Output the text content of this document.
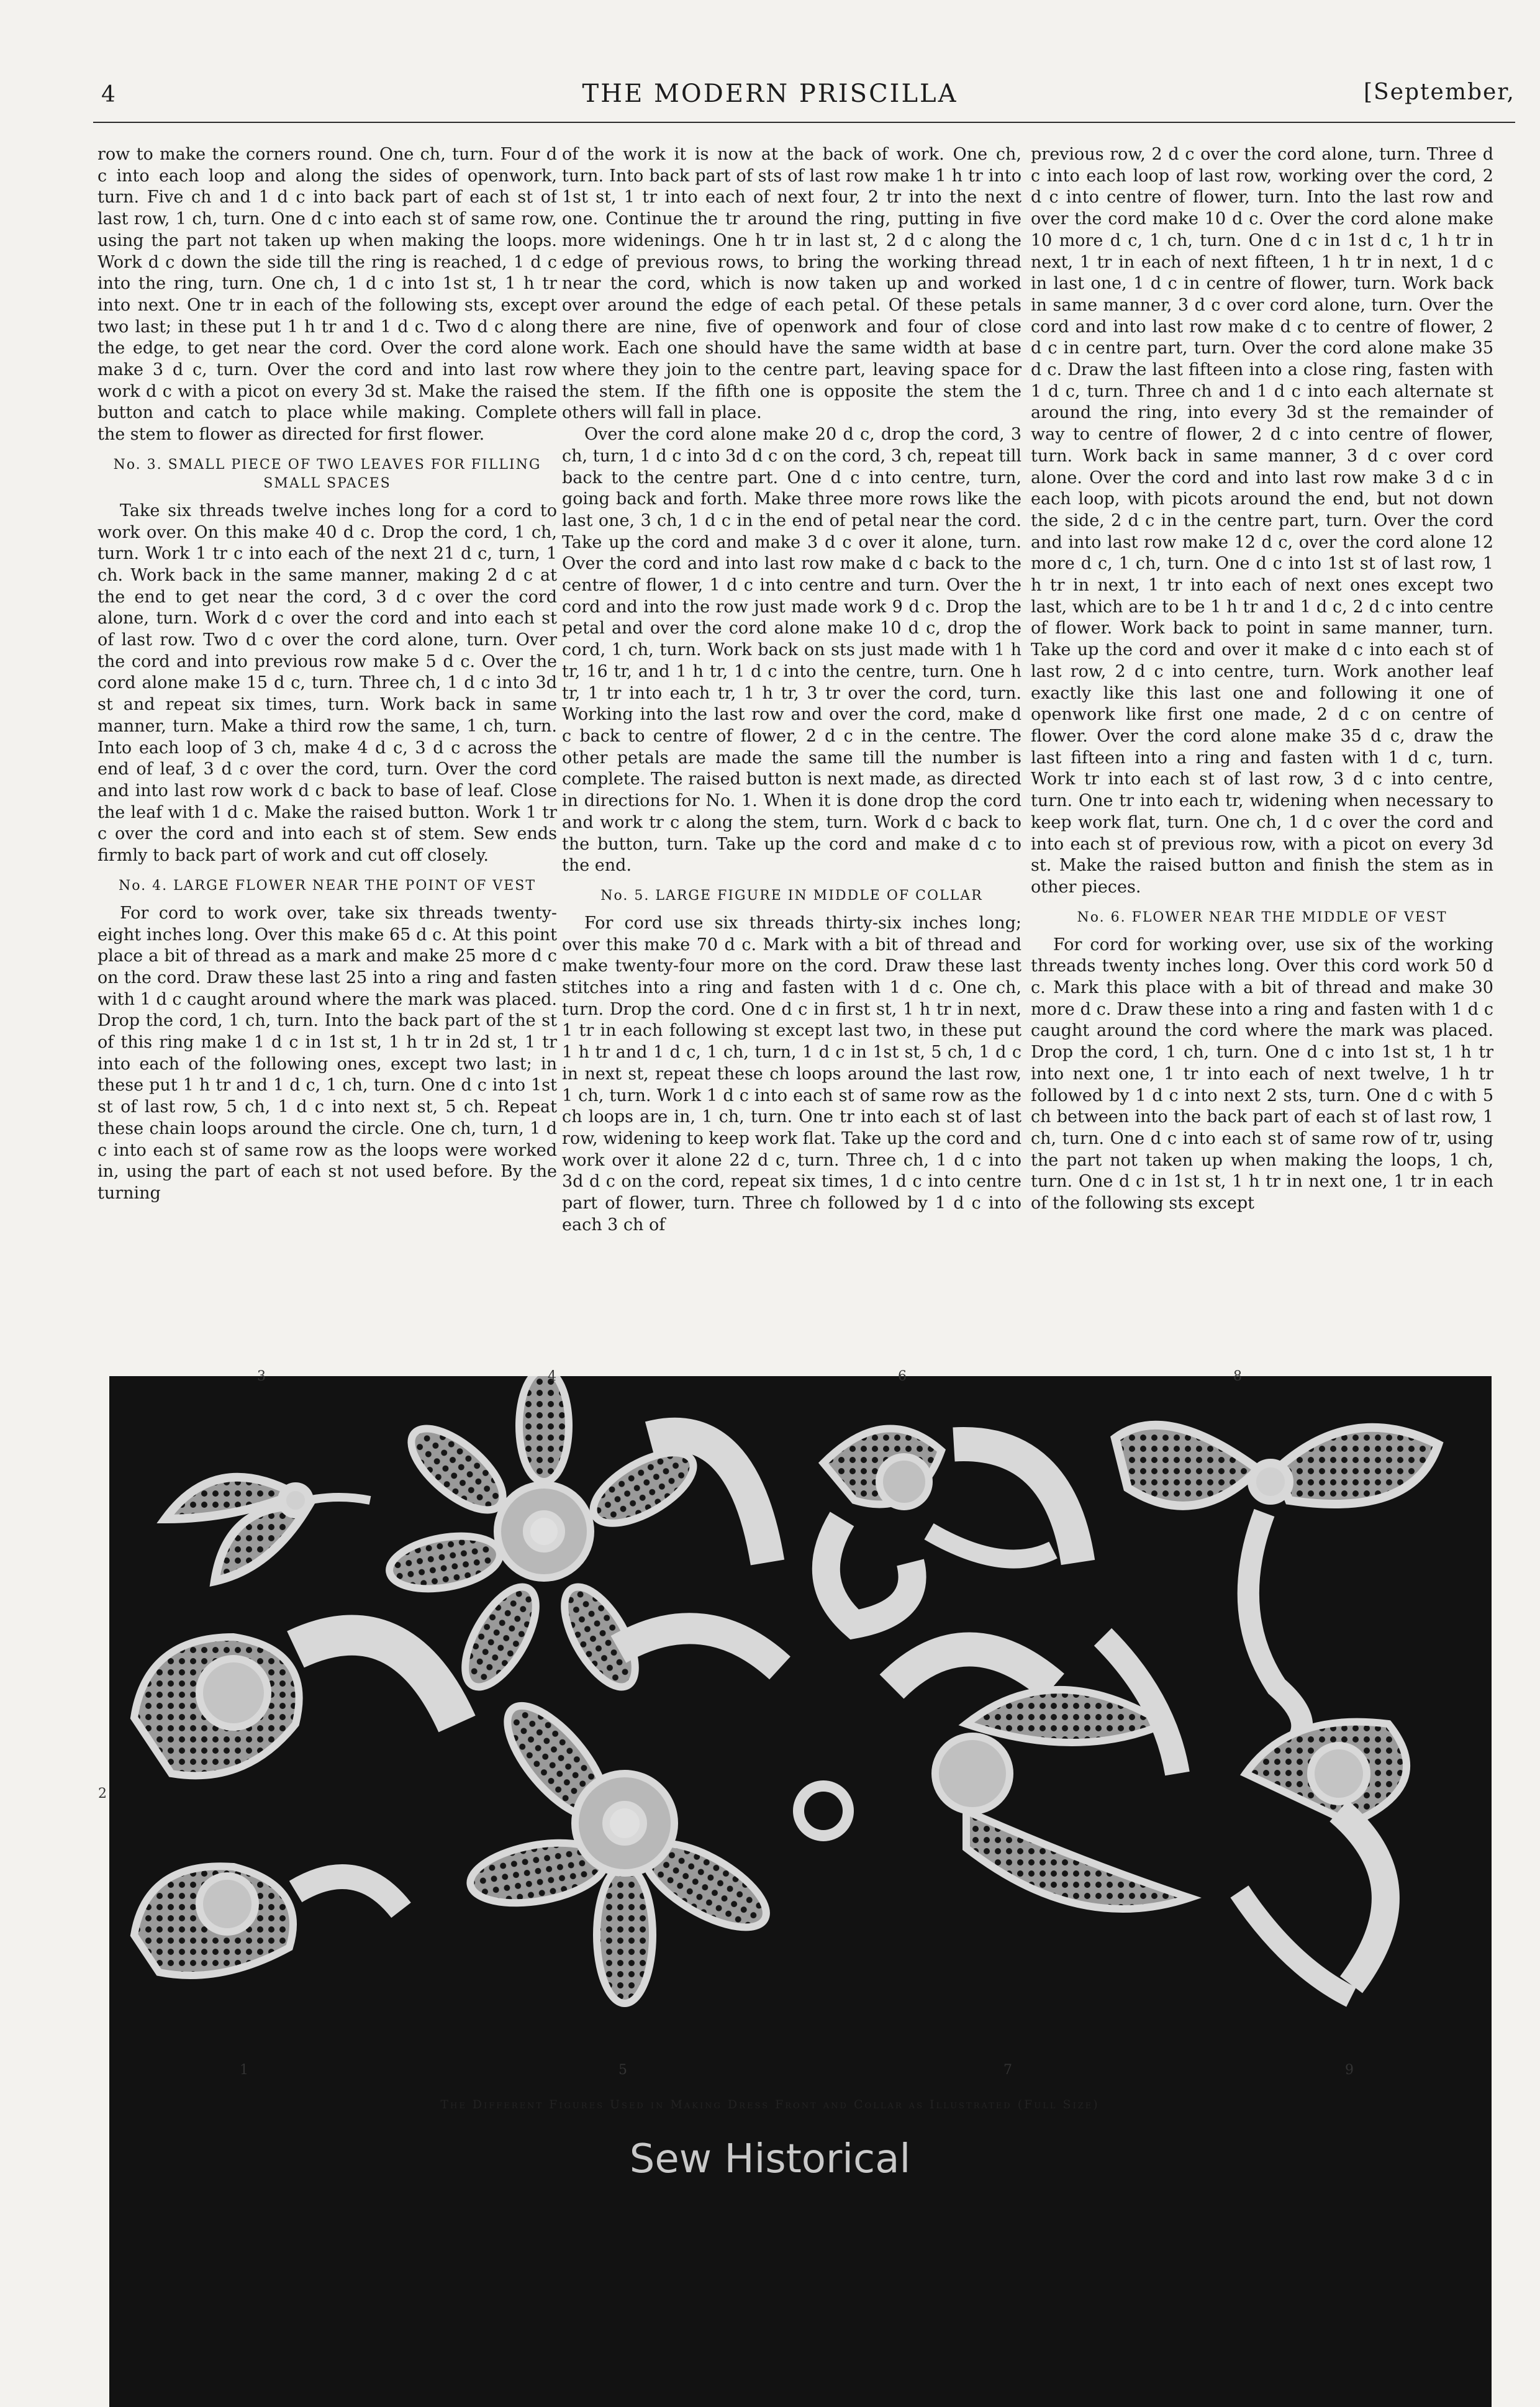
4	THE MODERN PRISCILLA	[September,

row to make the corners round. One ch, turn. Four d c into each loop and along the sides of openwork, turn. Five ch and 1 d c into back part of each st of last row, 1 ch, turn. One d c into each st of same row, using the part not taken up when making the loops. Work d c down the side till the ring is reached, 1 d c into the ring, turn. One ch, 1 d c into 1st st, 1 h tr into next. One tr in each of the following sts, except two last; in these put 1 h tr and 1 d c. Two d c along the edge, to get near the cord. Over the cord alone make 3 d c, turn. Over the cord and into last row work d c with a picot on every 3d st. Make the raised button and catch to place while making. Complete the stem to flower as directed for first flower.

No. 3. SMALL PIECE OF TWO LEAVES FOR FILLING SMALL SPACES

Take six threads twelve inches long for a cord to work over. On this make 40 d c. Drop the cord, 1 ch, turn. Work 1 tr c into each of the next 21 d c, turn, 1 ch. Work back in the same manner, making 2 d c at the end to get near the cord, 3 d c over the cord alone, turn. Work d c over the cord and into each st of last row. Two d c over the cord alone, turn. Over the cord and into previous row make 5 d c. Over the cord alone make 15 d c, turn. Three ch, 1 d c into 3d st and repeat six times, turn. Work back in same manner, turn. Make a third row the same, 1 ch, turn. Into each loop of 3 ch, make 4 d c, 3 d c across the end of leaf, 3 d c over the cord, turn. Over the cord and into last row work d c back to base of leaf. Close the leaf with 1 d c. Make the raised button. Work 1 tr c over the cord and into each st of stem. Sew ends firmly to back part of work and cut off closely.

No. 4. LARGE FLOWER NEAR THE POINT OF VEST

For cord to work over, take six threads twenty-eight inches long. Over this make 65 d c. At this point place a bit of thread as a mark and make 25 more d c on the cord. Draw these last 25 into a ring and fasten with 1 d c caught around where the mark was placed. Drop the cord, 1 ch, turn. Into the back part of the st of this ring make 1 d c in 1st st, 1 h tr in 2d st, 1 tr into each of the following ones, except two last; in these put 1 h tr and 1 d c, 1 ch, turn. One d c into 1st st of last row, 5 ch, 1 d c into next st, 5 ch. Repeat these chain loops around the circle. One ch, turn, 1 d c into each st of same row as the loops were worked in, using the part of each st not used before. By the turning

of the work it is now at the back of work. One ch, turn. Into back part of sts of last row make 1 h tr into 1st st, 1 tr into each of next four, 2 tr into the next one. Continue the tr around the ring, putting in five more widenings. One h tr in last st, 2 d c along the edge of previous rows, to bring the working thread near the cord, which is now taken up and worked over around the edge of each petal. Of these petals there are nine, five of openwork and four of close work. Each one should have the same width at base where they join to the centre part, leaving space for the stem. If the fifth one is opposite the stem the others will fall in place.

Over the cord alone make 20 d c, drop the cord, 3 ch, turn, 1 d c into 3d d c on the cord, 3 ch, repeat till back to the centre part. One d c into centre, turn, going back and forth. Make three more rows like the last one, 3 ch, 1 d c in the end of petal near the cord. Take up the cord and make 3 d c over it alone, turn. Over the cord and into last row make d c back to the centre of flower, 1 d c into centre and turn. Over the cord and into the row just made work 9 d c. Drop the petal and over the cord alone make 10 d c, drop the cord, 1 ch, turn. Work back on sts just made with 1 h tr, 16 tr, and 1 h tr, 1 d c into the centre, turn. One h tr, 1 tr into each tr, 1 h tr, 3 tr over the cord, turn. Working into the last row and over the cord, make d c back to centre of flower, 2 d c in the centre. The other petals are made the same till the number is complete. The raised button is next made, as directed in directions for No. 1. When it is done drop the cord and work tr c along the stem, turn. Work d c back to the button, turn. Take up the cord and make d c to the end.

No. 5. LARGE FIGURE IN MIDDLE OF COLLAR

For cord use six threads thirty-six inches long; over this make 70 d c. Mark with a bit of thread and make twenty-four more on the cord. Draw these last stitches into a ring and fasten with 1 d c. One ch, turn. Drop the cord. One d c in first st, 1 h tr in next, 1 tr in each following st except last two, in these put 1 h tr and 1 d c, 1 ch, turn, 1 d c in 1st st, 5 ch, 1 d c in next st, repeat these ch loops around the last row, 1 ch, turn. Work 1 d c into each st of same row as the ch loops are in, 1 ch, turn. One tr into each st of last row, widening to keep work flat. Take up the cord and work over it alone 22 d c, turn. Three ch, 1 d c into 3d d c on the cord, repeat six times, 1 d c into centre part of flower, turn. Three ch followed by 1 d c into each 3 ch of

previous row, 2 d c over the cord alone, turn. Three d c into each loop of last row, working over the cord, 2 d c into centre of flower, turn. Into the last row and over the cord make 10 d c. Over the cord alone make 10 more d c, 1 ch, turn. One d c in 1st d c, 1 h tr in next, 1 tr in each of next fifteen, 1 h tr in next, 1 d c in last one, 1 d c in centre of flower, turn. Work back in same manner, 3 d c over cord alone, turn. Over the cord and into last row make d c to centre of flower, 2 d c in centre part, turn. Over the cord alone make 35 d c. Draw the last fifteen into a close ring, fasten with 1 d c, turn. Three ch and 1 d c into each alternate st around the ring, into every 3d st the remainder of way to centre of flower, 2 d c into centre of flower, turn. Work back in same manner, 3 d c over cord alone. Over the cord and into last row make 3 d c in each loop, with picots around the end, but not down the side, 2 d c in the centre part, turn. Over the cord and into last row make 12 d c, over the cord alone 12 more d c, 1 ch, turn. One d c into 1st st of last row, 1 h tr in next, 1 tr into each of next ones except two last, which are to be 1 h tr and 1 d c, 2 d c into centre of flower. Work back to point in same manner, turn. Take up the cord and over it make d c into each st of last row, 2 d c into centre, turn. Work another leaf exactly like this last one and following it one of openwork like first one made, 2 d c on centre of flower. Over the cord alone make 35 d c, draw the last fifteen into a ring and fasten with 1 d c, turn. Work tr into each st of last row, 3 d c into centre, turn. One tr into each tr, widening when necessary to keep work flat, turn. One ch, 1 d c over the cord and into each st of previous row, with a picot on every 3d st. Make the raised button and finish the stem as in other pieces.

No. 6. FLOWER NEAR THE MIDDLE OF VEST

For cord for working over, use six of the working threads twenty inches long. Over this cord work 50 d c. Mark this place with a bit of thread and make 30 more d c. Draw these into a ring and fasten with 1 d c caught around the cord where the mark was placed. Drop the cord, 1 ch, turn. One d c into 1st st, 1 h tr into next one, 1 tr into each of next twelve, 1 h tr followed by 1 d c into next 2 sts, turn. One d c with 5 ch between into the back part of each st of last row, 1 ch, turn. One d c into each st of same row of tr, using the part not taken up when making the loops, 1 ch, turn. One d c in 1st st, 1 h tr in next one, 1 tr in each of the following sts except

3	4	6	8
2
1	5	7	9
The Different Figures Used in Making Dress Front and Collar as Illustrated (Full Size)
Sew Historical
